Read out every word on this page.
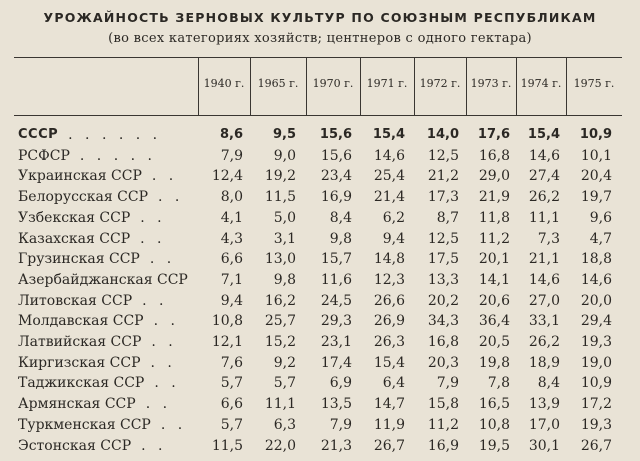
УРОЖАЙНОСТЬ ЗЕРНОВЫХ КУЛЬТУР ПО СОЮЗНЫМ РЕСПУБЛИКАМ
(во всех категориях хозяйств; центнеров с одного гектара)
1940 г.	1965 г.	1970 г.	1971 г.	1972 г. 1973 г. 1974 г.	1975 г.
СССР . . . . . .	8,6	9,5	15,6	15,4	14,0	17,6	15,4	10,9
РСФСР . . . . .	7,9	9,0	15,6	14,6	12,5	16,8	14,6	10,1
Украинская ССР . .	12,4	19,2	23,4	25,4	21,2	29,0	27,4	20,4
Белорусская ССР . .	8,0	11,5	16,9	21,4	17,3	21,9	26,2	19,7
Узбекская ССР . .	4,1	5,0	8,4	6,2	8,7	11,8	11,1	9,6
Казахская ССР . .	4,3	3,1	9,8	9,4	12,5	11,2	7,3	4,7
Грузинская ССР . .	6,6	13,0	15,7	14,8	17,5	20,1	21,1	18,8
Азербайджанская ССР	7,1	9,8	11,6	12,3	13,3	14,1	14,6	14,6
Литовская ССР . .	9,4	16,2	24,5	26,6	20,2	20,6	27,0	20,0
Молдавская ССР . .	10,8	25,7	29,3	26,9	34,3	36,4	33,1	29,4
Латвийская ССР . .	12,1	15,2	23,1	26,3	16,8	20,5	26,2	19,3
Киргизская ССР . .	7,6	9,2	17,4	15,4	20,3	19,8	18,9	19,0
Таджикская ССР . .	5,7	5,7	6,9	6,4	7,9	7,8	8,4	10,9
Армянская ССР . .	6,6	11,1	13,5	14,7	15,8	16,5	13,9	17,2
Туркменская ССР . .	5,7	6,3	7,9	11,9	11,2	10,8	17,0	19,3
Эстонская ССР . .	11,5	22,0	21,3	26,7	16,9	19,5	30,1	26,7
